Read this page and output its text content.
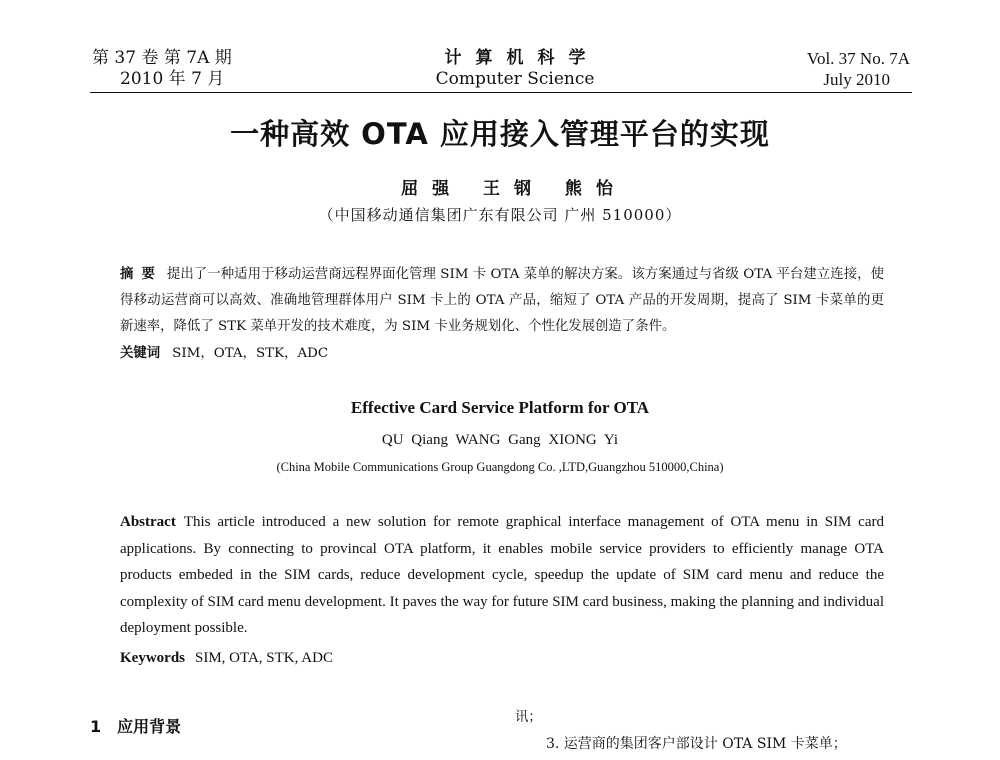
第 37 卷 第 7A 期
2010 年 7 月
计算机科学
Computer Science
Vol. 37 No. 7A
July 2010
一种高效 OTA 应用接入管理平台的实现
屈强 王钢 熊怡
（中国移动通信集团广东有限公司 广州 510000）
摘要 提出了一种适用于移动运营商远程界面化管理 SIM 卡 OTA 菜单的解决方案。该方案通过与省级 OTA 平台建立连接，使得移动运营商可以高效、准确地管理群体用户 SIM 卡上的 OTA 产品，缩短了 OTA 产品的开发周期，提高了 SIM 卡菜单的更新速率，降低了 STK 菜单开发的技术难度，为 SIM 卡业务规划化、个性化发展创造了条件。
关键词 SIM，OTA，STK，ADC
Effective Card Service Platform for OTA
QU Qiang WANG Gang XIONG Yi
(China Mobile Communications Group Guangdong Co. ,LTD,Guangzhou 510000,China)
Abstract This article introduced a new solution for remote graphical interface management of OTA menu in SIM card applications. By connecting to provincal OTA platform, it enables mobile service providers to efficiently manage OTA products embeded in the SIM cards, reduce development cycle, speedup the update of SIM card menu and reduce the complexity of SIM card menu development. It paves the way for future SIM card business, making the planning and individual deployment possible.
Keywords SIM, OTA, STK, ADC
1 应用背景	讯；
3. 运营商的集团客户部设计 OTA SIM 卡菜单；
